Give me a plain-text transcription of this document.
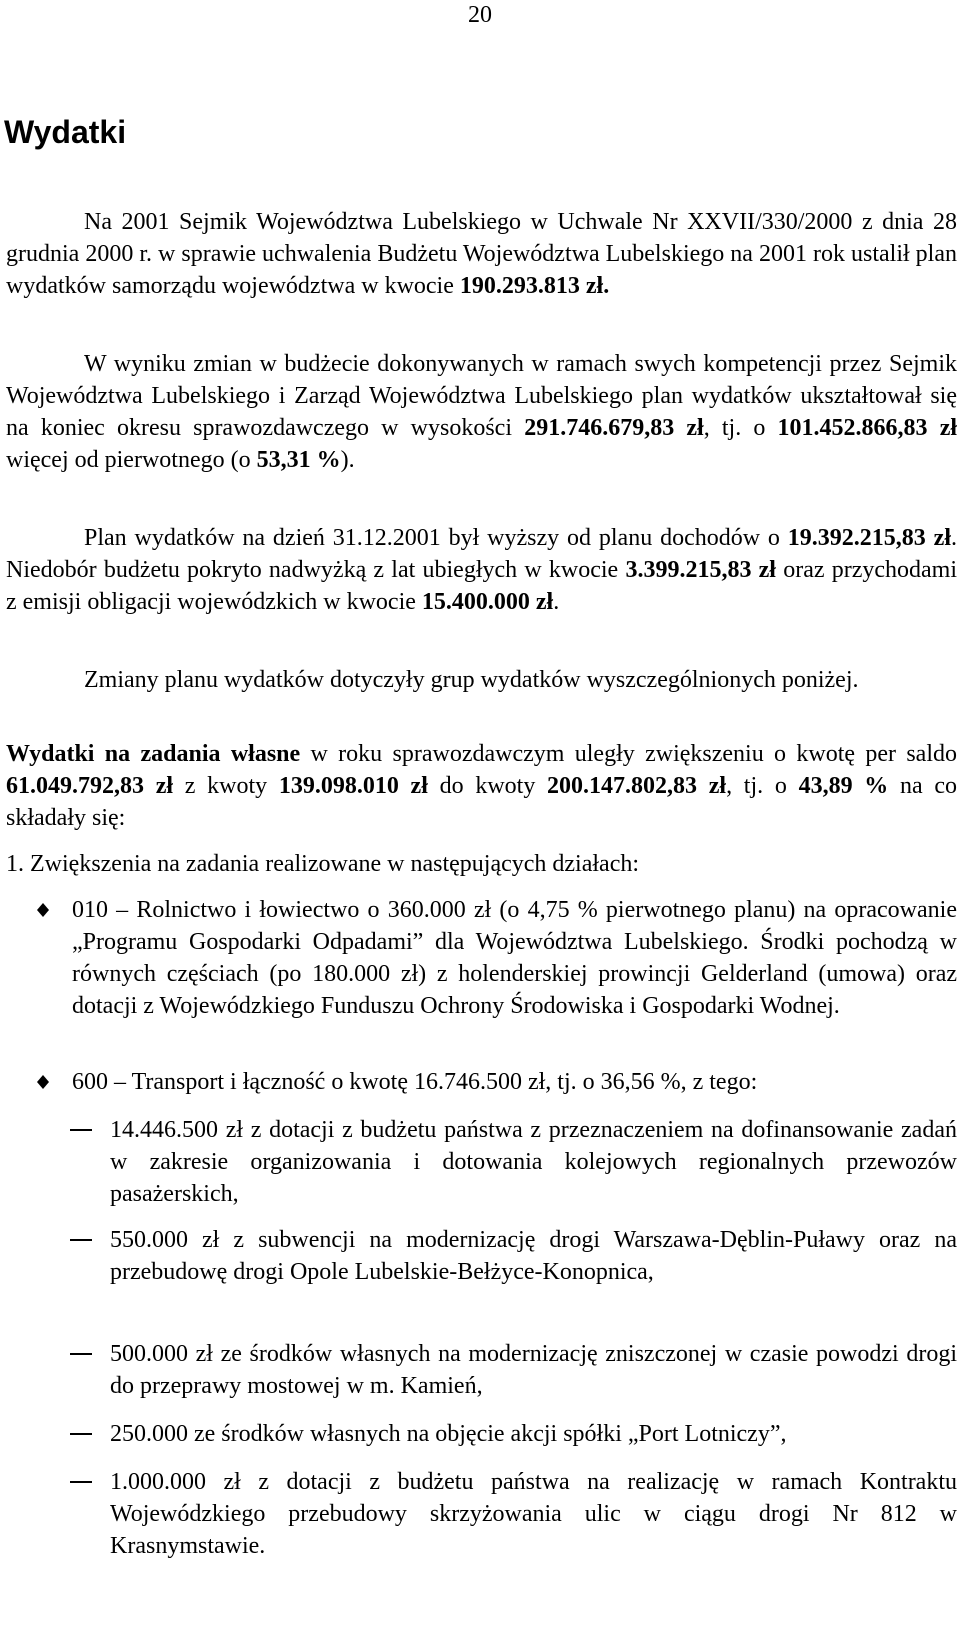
20
Wydatki

Na 2001 Sejmik Województwa Lubelskiego w Uchwale Nr XXVII/330/2000 z dnia 28 grudnia 2000 r. w sprawie uchwalenia Budżetu Województwa Lubelskiego na 2001 rok ustalił plan wydatków samorządu województwa w kwocie 190.293.813 zł.

W wyniku zmian w budżecie dokonywanych w ramach swych kompetencji przez Sejmik Województwa Lubelskiego i Zarząd Województwa Lubelskiego plan wydatków ukształtował się na koniec okresu sprawozdawczego w wysokości 291.746.679,83 zł, tj. o 101.452.866,83 zł więcej od pierwotnego (o 53,31 %).

Plan wydatków na dzień 31.12.2001 był wyższy od planu dochodów o 19.392.215,83 zł. Niedobór budżetu pokryto nadwyżką z lat ubiegłych w kwocie 3.399.215,83 zł oraz przychodami z emisji obligacji wojewódzkich w kwocie 15.400.000 zł.

Zmiany planu wydatków dotyczyły grup wydatków wyszczególnionych poniżej.

Wydatki na zadania własne w roku sprawozdawczym uległy zwiększeniu o kwotę per saldo 61.049.792,83 zł z kwoty 139.098.010 zł do kwoty 200.147.802,83 zł, tj. o 43,89 % na co składały się:

1. Zwiększenia na zadania realizowane w następujących działach:

010 – Rolnictwo i łowiectwo o 360.000 zł (o 4,75 % pierwotnego planu) na opracowanie „Programu Gospodarki Odpadami” dla Województwa Lubelskiego. Środki pochodzą w równych częściach (po 180.000 zł) z holenderskiej prowincji Gelderland (umowa) oraz dotacji z Wojewódzkiego Funduszu Ochrony Środowiska i Gospodarki Wodnej.
600 – Transport i łączność o kwotę 16.746.500 zł, tj. o 36,56 %, z tego:
14.446.500 zł z dotacji z budżetu państwa z przeznaczeniem na dofinansowanie zadań w zakresie organizowania i dotowania kolejowych regionalnych przewozów pasażerskich,
550.000 zł z subwencji na modernizację drogi Warszawa-Dęblin-Puławy oraz na przebudowę drogi Opole Lubelskie-Bełżyce-Konopnica,
500.000 zł ze środków własnych na modernizację zniszczonej w czasie powodzi drogi do przeprawy mostowej w m. Kamień,
250.000 ze środków własnych na objęcie akcji spółki „Port Lotniczy”,
1.000.000 zł z dotacji z budżetu państwa na realizację w ramach Kontraktu Wojewódzkiego przebudowy skrzyżowania ulic w ciągu drogi Nr 812 w Krasnymstawie.
